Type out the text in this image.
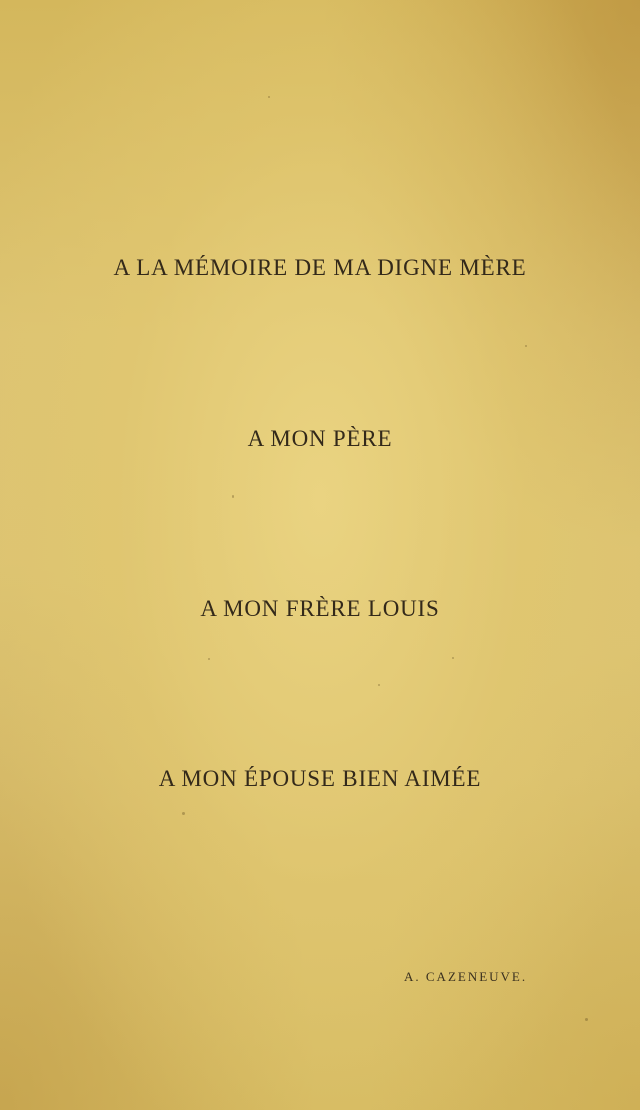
A LA MÉMOIRE DE MA DIGNE MÈRE
A MON PÈRE
A MON FRÈRE LOUIS
A MON ÉPOUSE BIEN AIMÉE
A. CAZENEUVE.
